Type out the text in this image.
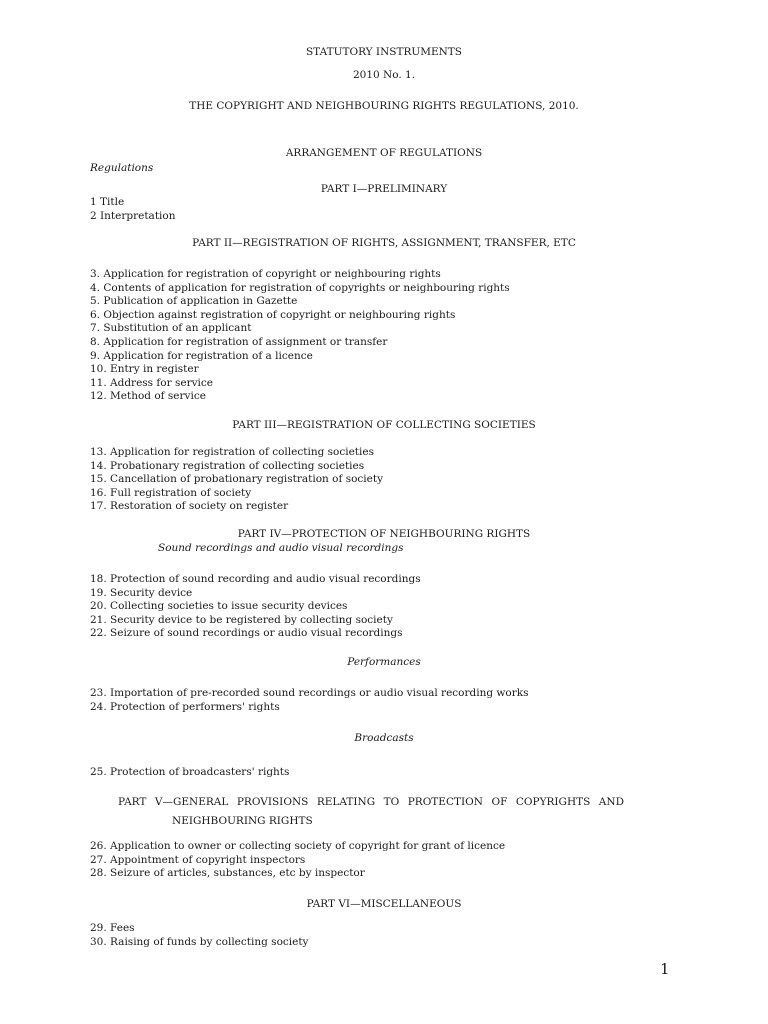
STATUTORY INSTRUMENTS
2010 No. 1.
THE COPYRIGHT AND NEIGHBOURING RIGHTS REGULATIONS, 2010.
ARRANGEMENT OF REGULATIONS
Regulations
PART I—PRELIMINARY
1 Title
2 Interpretation
PART II—REGISTRATION OF RIGHTS, ASSIGNMENT, TRANSFER, ETC
3. Application for registration of copyright or neighbouring rights
4. Contents of application for registration of copyrights or neighbouring rights
5. Publication of application in Gazette
6. Objection against registration of copyright or neighbouring rights
7. Substitution of an applicant
8. Application for registration of assignment or transfer
9. Application for registration of a licence
10. Entry in register
11. Address for service
12. Method of service
PART III—REGISTRATION OF COLLECTING SOCIETIES
13. Application for registration of collecting societies
14. Probationary registration of collecting societies
15. Cancellation of probationary registration of society
16. Full registration of society
17. Restoration of society on register
PART IV—PROTECTION OF NEIGHBOURING RIGHTS
Sound recordings and audio visual recordings
18. Protection of sound recording and audio visual recordings
19. Security device
20. Collecting societies to issue security devices
21. Security device to be registered by collecting society
22. Seizure of sound recordings or audio visual recordings
Performances
23. Importation of pre-recorded sound recordings or audio visual recording works
24. Protection of performers' rights
Broadcasts
25. Protection of broadcasters' rights
PART V—GENERAL PROVISIONS RELATING TO PROTECTION OF COPYRIGHTS AND
NEIGHBOURING RIGHTS
26. Application to owner or collecting society of copyright for grant of licence
27. Appointment of copyright inspectors
28. Seizure of articles, substances, etc by inspector
PART VI—MISCELLANEOUS
29. Fees
30. Raising of funds by collecting society
1
